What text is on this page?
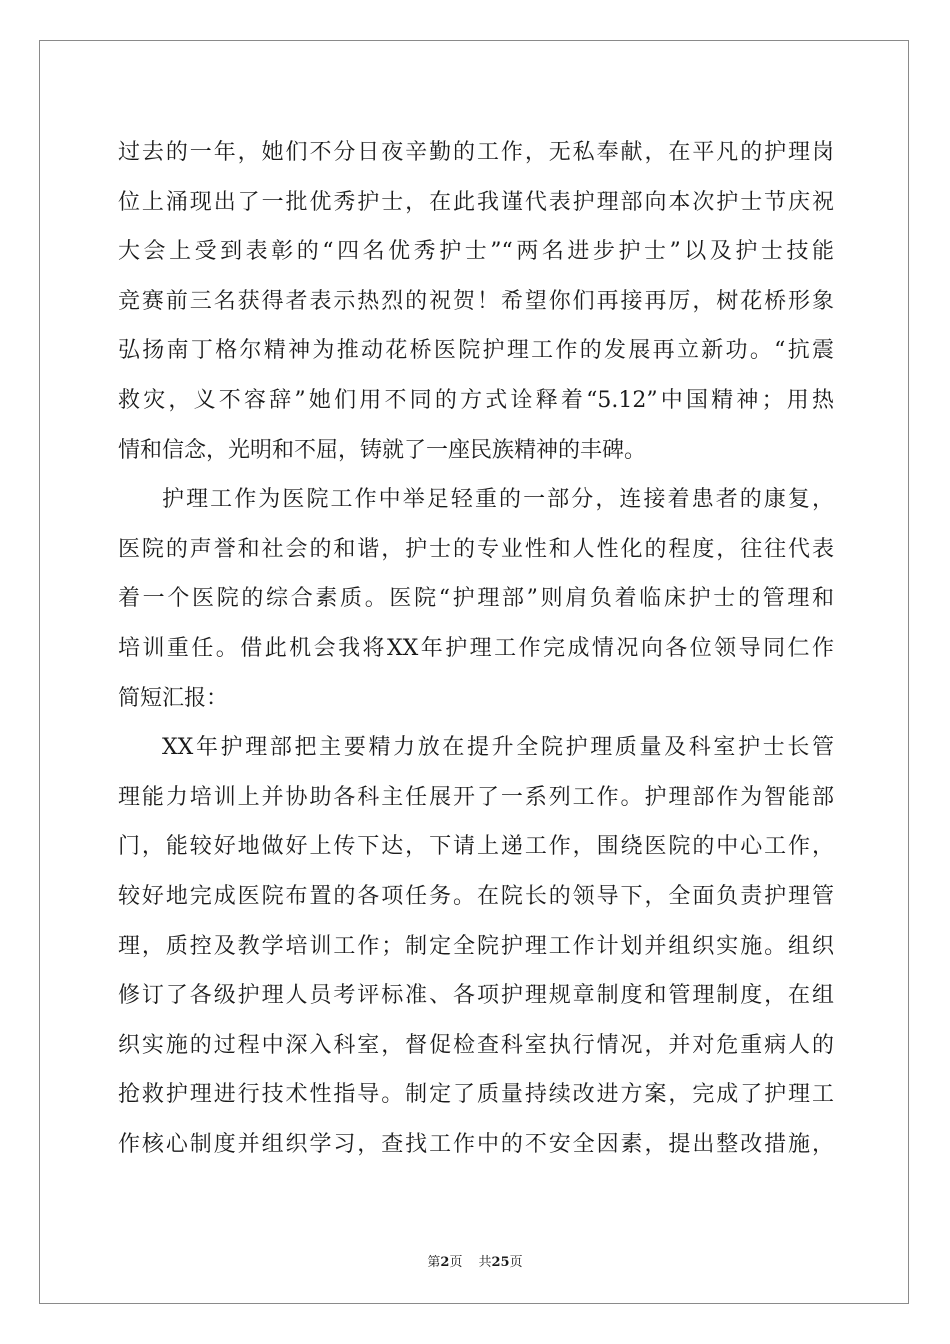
过去的一年，她们不分日夜辛勤的工作，无私奉献，在平凡的护理岗
位上涌现出了一批优秀护士，在此我谨代表护理部向本次护士节庆祝
大会上受到表彰的“四名优秀护士”“两名进步护士”以及护士技能
竞赛前三名获得者表示热烈的祝贺！希望你们再接再厉，树花桥形象
弘扬南丁格尔精神为推动花桥医院护理工作的发展再立新功。“抗震
救灾，义不容辞”她们用不同的方式诠释着“5.12”中国精神；用热
情和信念，光明和不屈，铸就了一座民族精神的丰碑。
护理工作为医院工作中举足轻重的一部分，连接着患者的康复，
医院的声誉和社会的和谐，护士的专业性和人性化的程度，往往代表
着一个医院的综合素质。医院“护理部”则肩负着临床护士的管理和
培训重任。借此机会我将XX年护理工作完成情况向各位领导同仁作
简短汇报：
XX年护理部把主要精力放在提升全院护理质量及科室护士长管
理能力培训上并协助各科主任展开了一系列工作。护理部作为智能部
门，能较好地做好上传下达，下请上递工作，围绕医院的中心工作，
较好地完成医院布置的各项任务。在院长的领导下，全面负责护理管
理，质控及教学培训工作；制定全院护理工作计划并组织实施。组织
修订了各级护理人员考评标准、各项护理规章制度和管理制度，在组
织实施的过程中深入科室，督促检查科室执行情况，并对危重病人的
抢救护理进行技术性指导。制定了质量持续改进方案，完成了护理工
作核心制度并组织学习，查找工作中的不安全因素，提出整改措施，
第2页 共25页
